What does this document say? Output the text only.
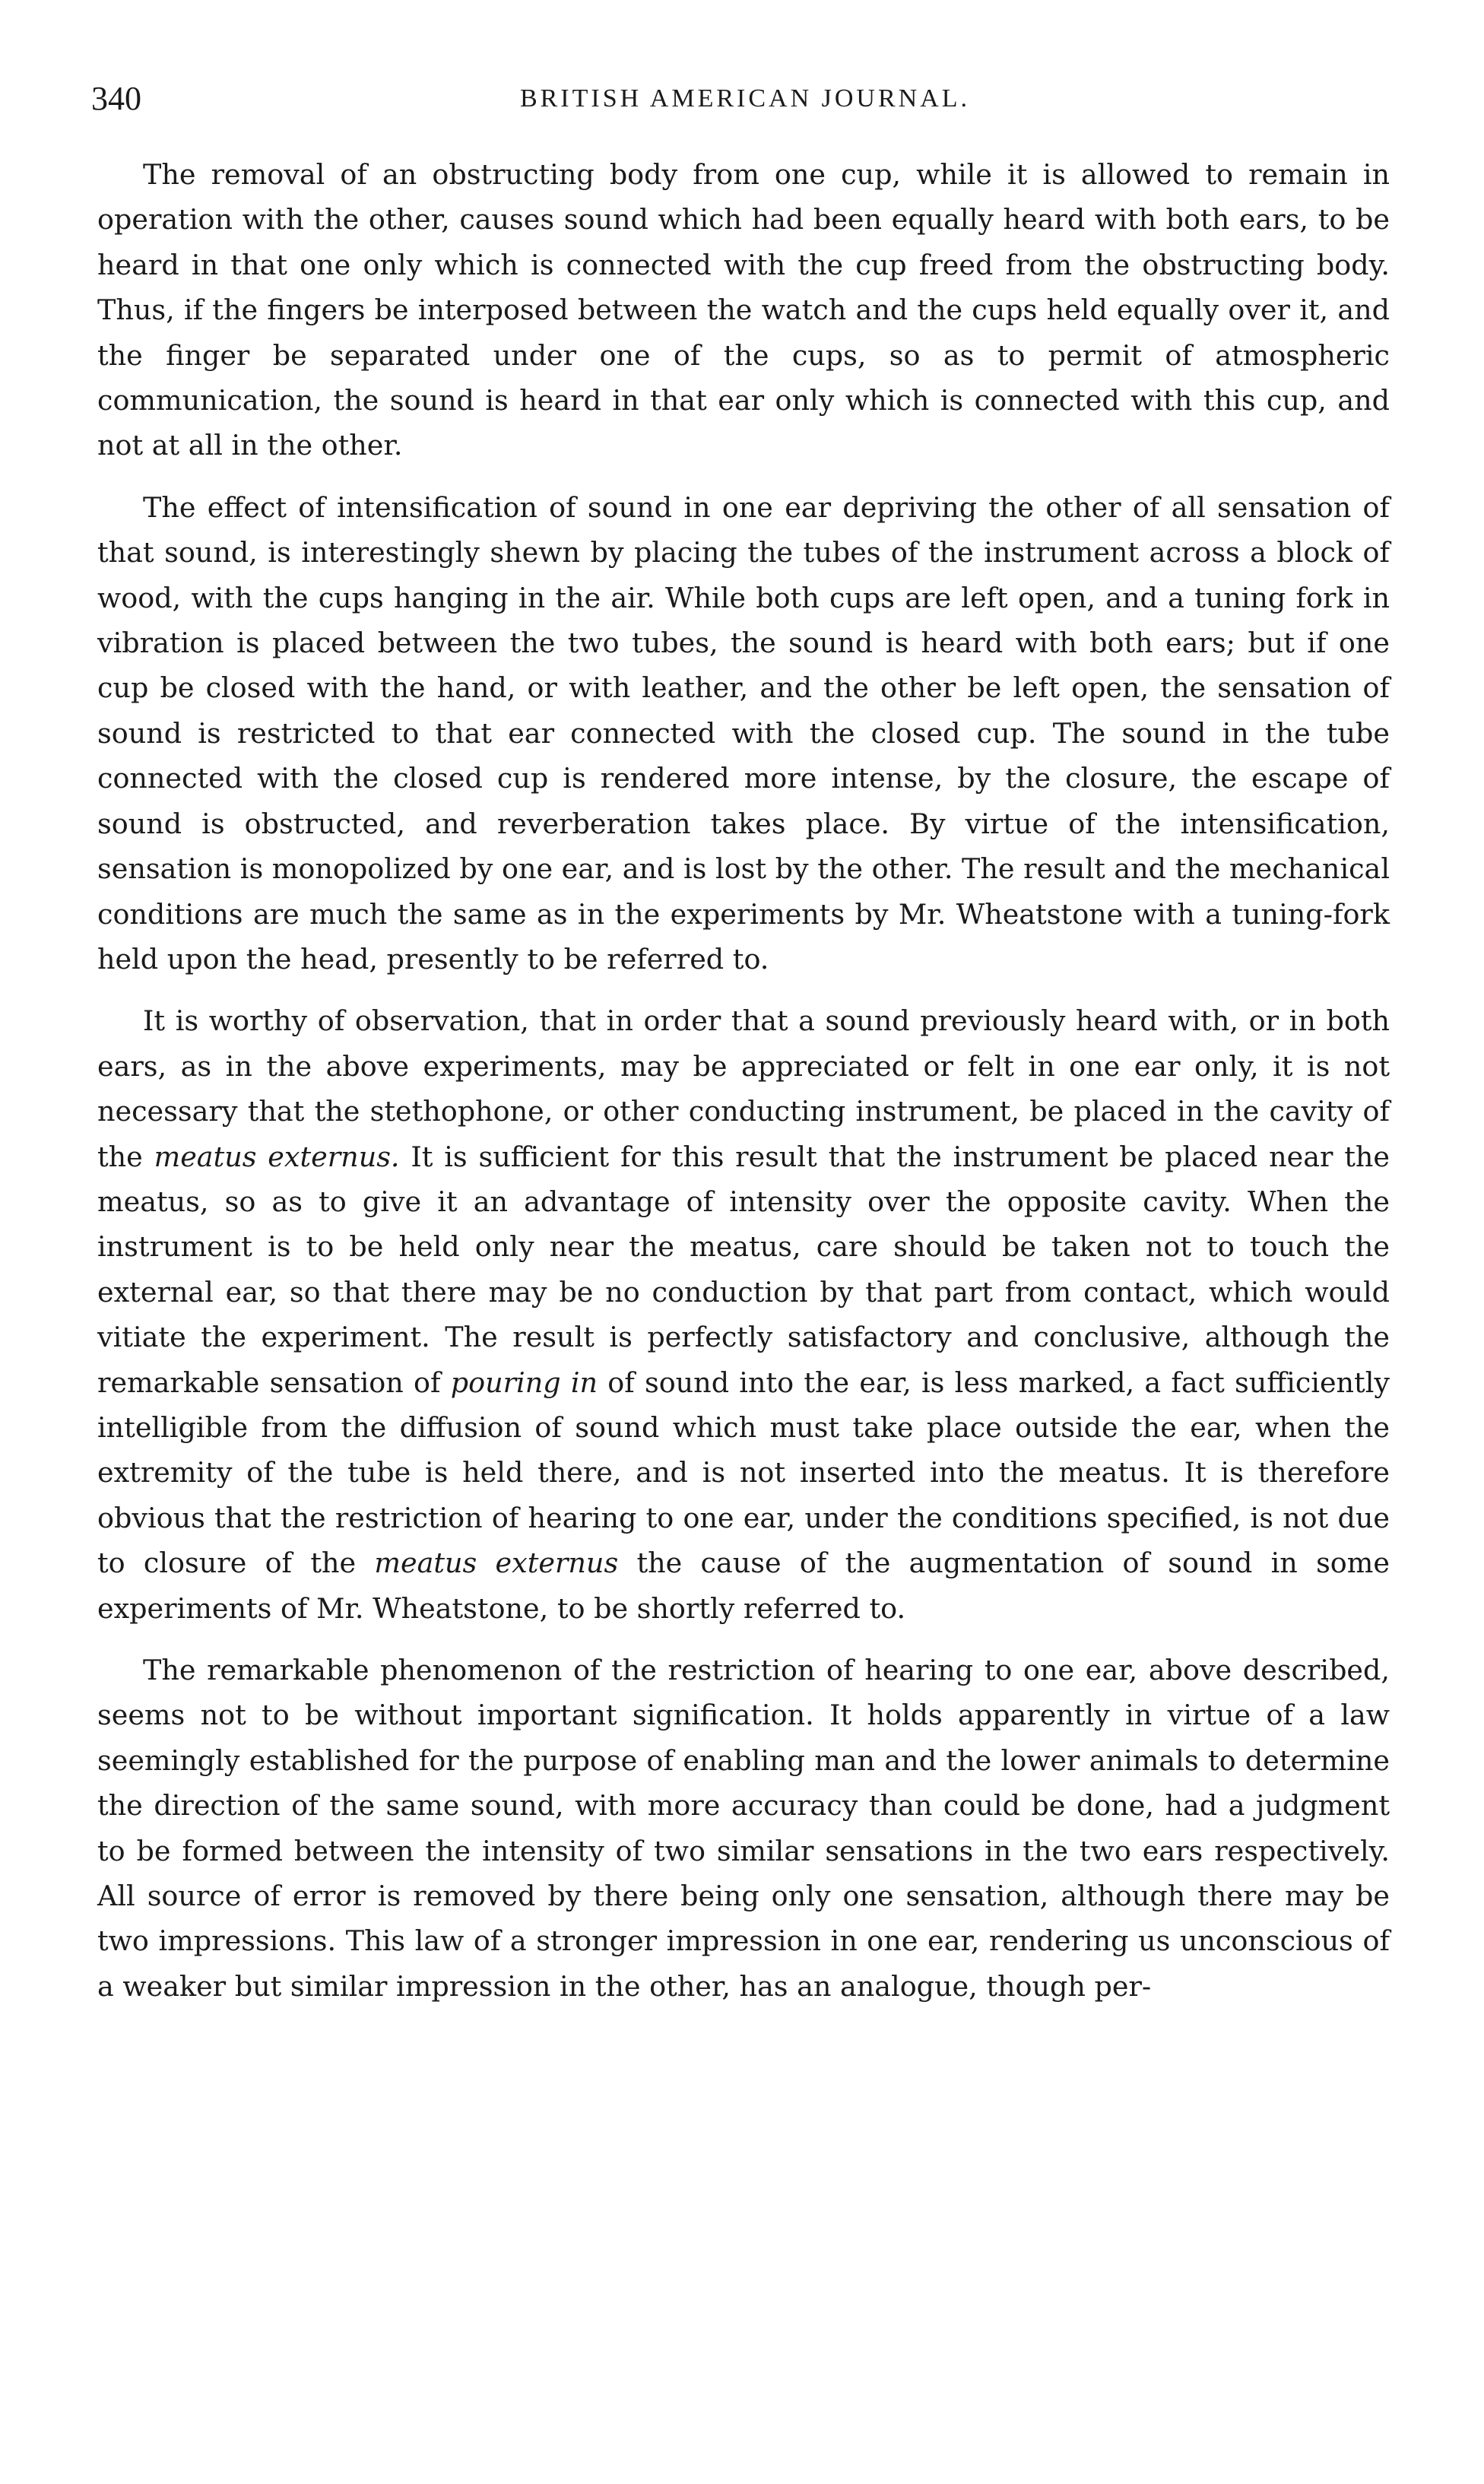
340	BRITISH AMERICAN JOURNAL.

The removal of an obstructing body from one cup, while it is allowed to remain in operation with the other, causes sound which had been equally heard with both ears, to be heard in that one only which is connected with the cup freed from the obstructing body. Thus, if the fingers be interposed between the watch and the cups held equally over it, and the finger be separated under one of the cups, so as to permit of atmospheric communication, the sound is heard in that ear only which is connected with this cup, and not at all in the other.

The effect of intensification of sound in one ear depriving the other of all sensation of that sound, is interestingly shewn by placing the tubes of the instrument across a block of wood, with the cups hanging in the air. While both cups are left open, and a tuning fork in vibration is placed between the two tubes, the sound is heard with both ears; but if one cup be closed with the hand, or with leather, and the other be left open, the sensation of sound is restricted to that ear connected with the closed cup. The sound in the tube connected with the closed cup is rendered more intense, by the closure, the escape of sound is obstructed, and reverberation takes place. By virtue of the intensification, sensation is monopolized by one ear, and is lost by the other. The result and the mechanical conditions are much the same as in the experiments by Mr. Wheatstone with a tuning-fork held upon the head, presently to be referred to.

It is worthy of observation, that in order that a sound previously heard with, or in both ears, as in the above experiments, may be appreciated or felt in one ear only, it is not necessary that the stethophone, or other conducting instrument, be placed in the cavity of the meatus externus. It is sufficient for this result that the instrument be placed near the meatus, so as to give it an advantage of intensity over the opposite cavity. When the instrument is to be held only near the meatus, care should be taken not to touch the external ear, so that there may be no conduction by that part from contact, which would vitiate the experiment. The result is perfectly satisfactory and conclusive, although the remarkable sensation of pouring in of sound into the ear, is less marked, a fact sufficiently intelligible from the diffusion of sound which must take place outside the ear, when the extremity of the tube is held there, and is not inserted into the meatus. It is therefore obvious that the restriction of hearing to one ear, under the conditions specified, is not due to closure of the meatus externus the cause of the augmentation of sound in some experiments of Mr. Wheatstone, to be shortly referred to.

The remarkable phenomenon of the restriction of hearing to one ear, above described, seems not to be without important signification. It holds apparently in virtue of a law seemingly established for the purpose of enabling man and the lower animals to determine the direction of the same sound, with more accuracy than could be done, had a judgment to be formed between the intensity of two similar sensations in the two ears respectively. All source of error is removed by there being only one sensation, although there may be two impressions. This law of a stronger impression in one ear, rendering us unconscious of a weaker but similar impression in the other, has an analogue, though per-
